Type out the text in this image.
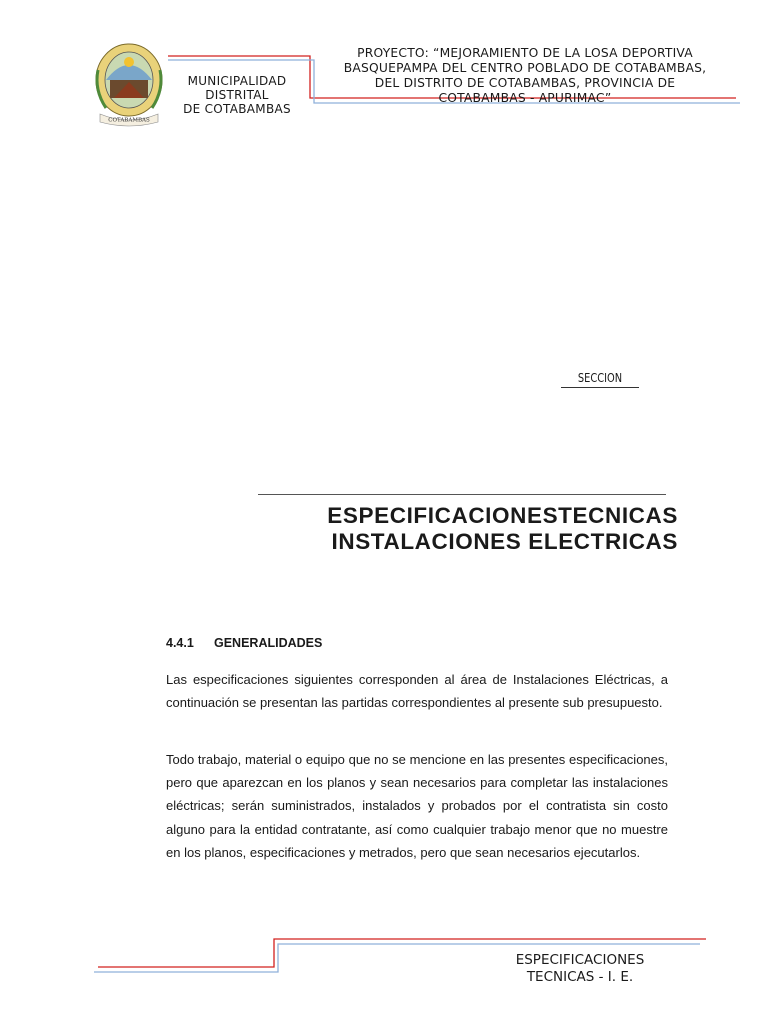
COTABAMBAS
MUNICIPALIDAD
DISTRITAL
DE COTABAMBAS
PROYECTO: “MEJORAMIENTO DE LA LOSA DEPORTIVA
BASQUEPAMPA DEL CENTRO POBLADO DE COTABAMBAS,
DEL DISTRITO DE COTABAMBAS, PROVINCIA DE
COTABAMBAS - APURIMAC”
SECCION
ESPECIFICACIONESTECNICAS
INSTALACIONES ELECTRICAS
4.4.1 GENERALIDADES
Las especificaciones siguientes corresponden al área de Instalaciones Eléctricas, a continuación se presentan las partidas correspondientes al presente sub presupuesto.
Todo trabajo, material o equipo que no se mencione en las presentes especificaciones, pero que aparezcan en los planos y sean necesarios para completar las instalaciones eléctricas; serán suministrados, instalados y probados por el contratista sin costo alguno para la entidad contratante, así como cualquier trabajo menor que no muestre en los planos, especificaciones y metrados, pero que sean necesarios ejecutarlos.
ESPECIFICACIONES
TECNICAS - I. E.
